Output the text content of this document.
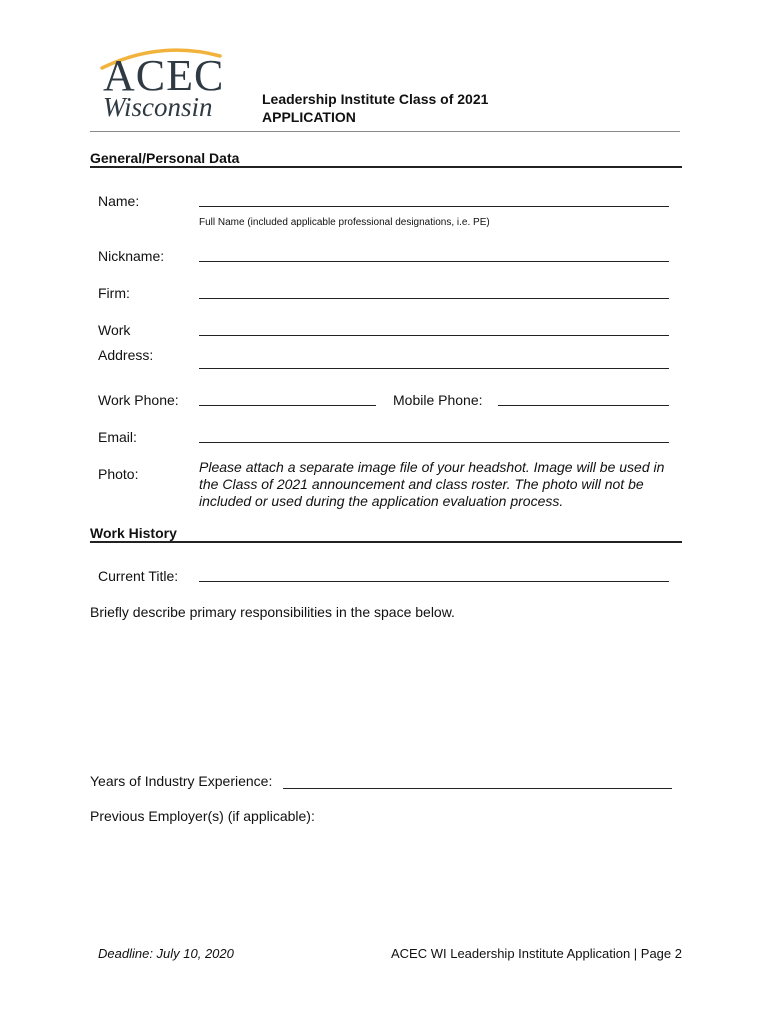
ACEC
Wisconsin	Leadership Institute Class of 2021
APPLICATION
General/Personal Data
Name:
Full Name (included applicable professional designations, i.e. PE)
Nickname:
Firm:
Work
Address:
Work Phone:	Mobile Phone:
Email:
Photo:	Please attach a separate image file of your headshot. Image will be used in the Class of 2021 announcement and class roster. The photo will not be included or used during the application evaluation process.
Work History
Current Title:
Briefly describe primary responsibilities in the space below.
Years of Industry Experience:
Previous Employer(s) (if applicable):
Deadline: July 10, 2020	ACEC WI Leadership Institute Application | Page 2
